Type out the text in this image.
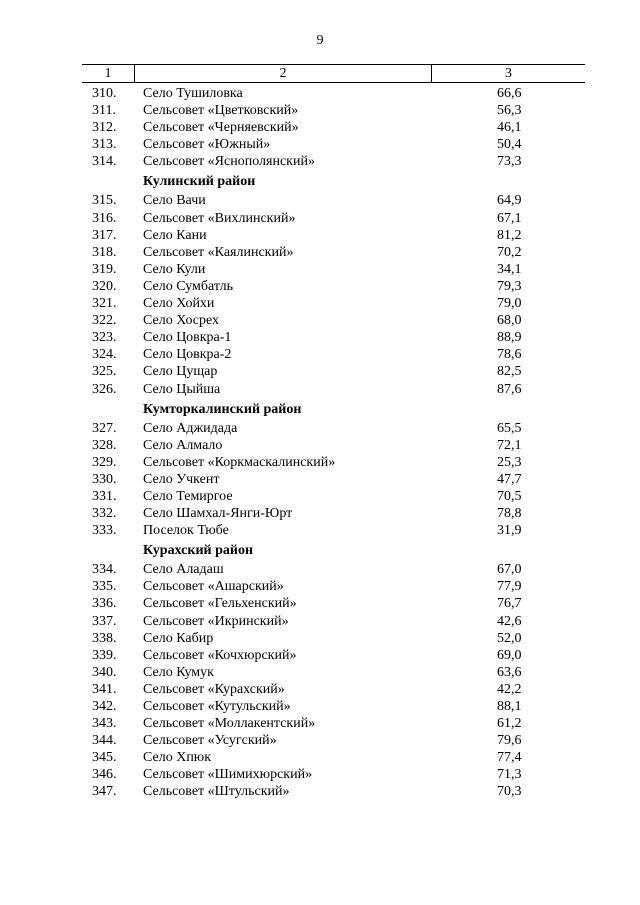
9
1	2	3
310.	Село Тушиловка	66,6
311.	Сельсовет «Цветковский»	56,3
312.	Сельсовет «Черняевский»	46,1
313.	Сельсовет «Южный»	50,4
314.	Сельсовет «Яснополянский»	73,3
Кулинский район
315.	Село Вачи	64,9
316.	Сельсовет «Вихлинский»	67,1
317.	Село Кани	81,2
318.	Сельсовет «Каялинский»	70,2
319.	Село Кули	34,1
320.	Село Сумбатль	79,3
321.	Село Хойхи	79,0
322.	Село Хосрех	68,0
323.	Село Цовкра-1	88,9
324.	Село Цовкра-2	78,6
325.	Село Цущар	82,5
326.	Село Цыйша	87,6
Кумторкалинский район
327.	Село Аджидада	65,5
328.	Село Алмало	72,1
329.	Сельсовет «Коркмаскалинский»	25,3
330.	Село Учкент	47,7
331.	Село Темиргое	70,5
332.	Село Шамхал-Янги-Юрт	78,8
333.	Поселок Тюбе	31,9
Курахский район
334.	Село Аладаш	67,0
335.	Сельсовет «Ашарский»	77,9
336.	Сельсовет «Гельхенский»	76,7
337.	Сельсовет «Икринский»	42,6
338.	Село Кабир	52,0
339.	Сельсовет «Кочхюрский»	69,0
340.	Село Кумук	63,6
341.	Сельсовет «Курахский»	42,2
342.	Сельсовет «Кутульский»	88,1
343.	Сельсовет «Моллакентский»	61,2
344.	Сельсовет «Усугский»	79,6
345.	Село Хпюк	77,4
346.	Сельсовет «Шимихюрский»	71,3
347.	Сельсовет «Штульский»	70,3
